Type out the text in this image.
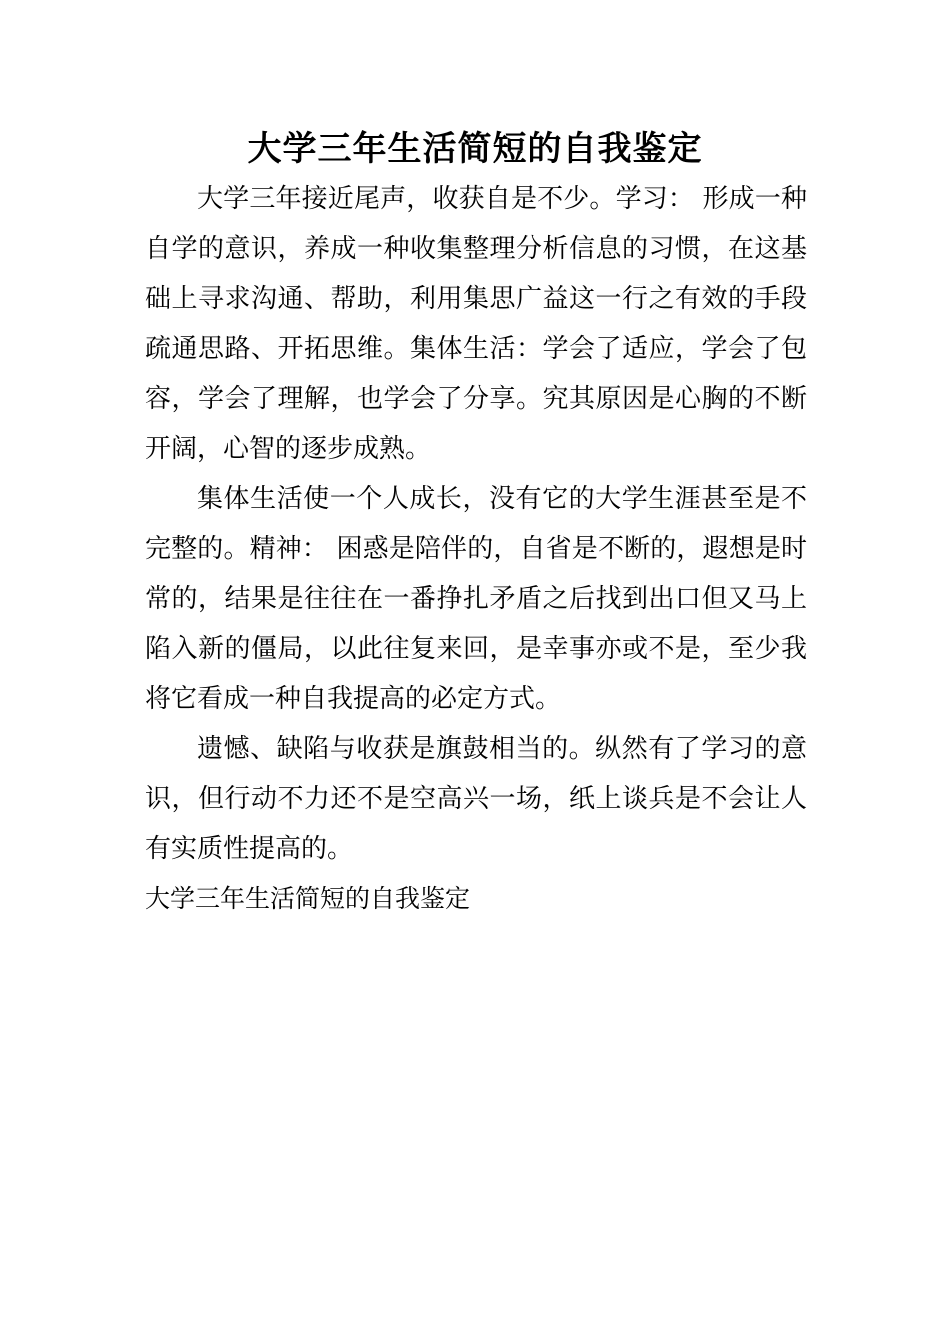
大学三年生活简短的自我鉴定

大学三年接近尾声，收获自是不少。学习： 形成一种自学的意识，养成一种收集整理分析信息的习惯，在这基础上寻求沟通、帮助，利用集思广益这一行之有效的手段疏通思路、开拓思维。集体生活：学会了适应，学会了包容，学会了理解，也学会了分享。究其原因是心胸的不断开阔，心智的逐步成熟。

集体生活使一个人成长，没有它的大学生涯甚至是不完整的。精神： 困惑是陪伴的，自省是不断的，遐想是时常的，结果是往往在一番挣扎矛盾之后找到出口但又马上陷入新的僵局，以此往复来回，是幸事亦或不是，至少我将它看成一种自我提高的必定方式。

遗憾、缺陷与收获是旗鼓相当的。纵然有了学习的意识，但行动不力还不是空高兴一场，纸上谈兵是不会让人有实质性提高的。

大学三年生活简短的自我鉴定
